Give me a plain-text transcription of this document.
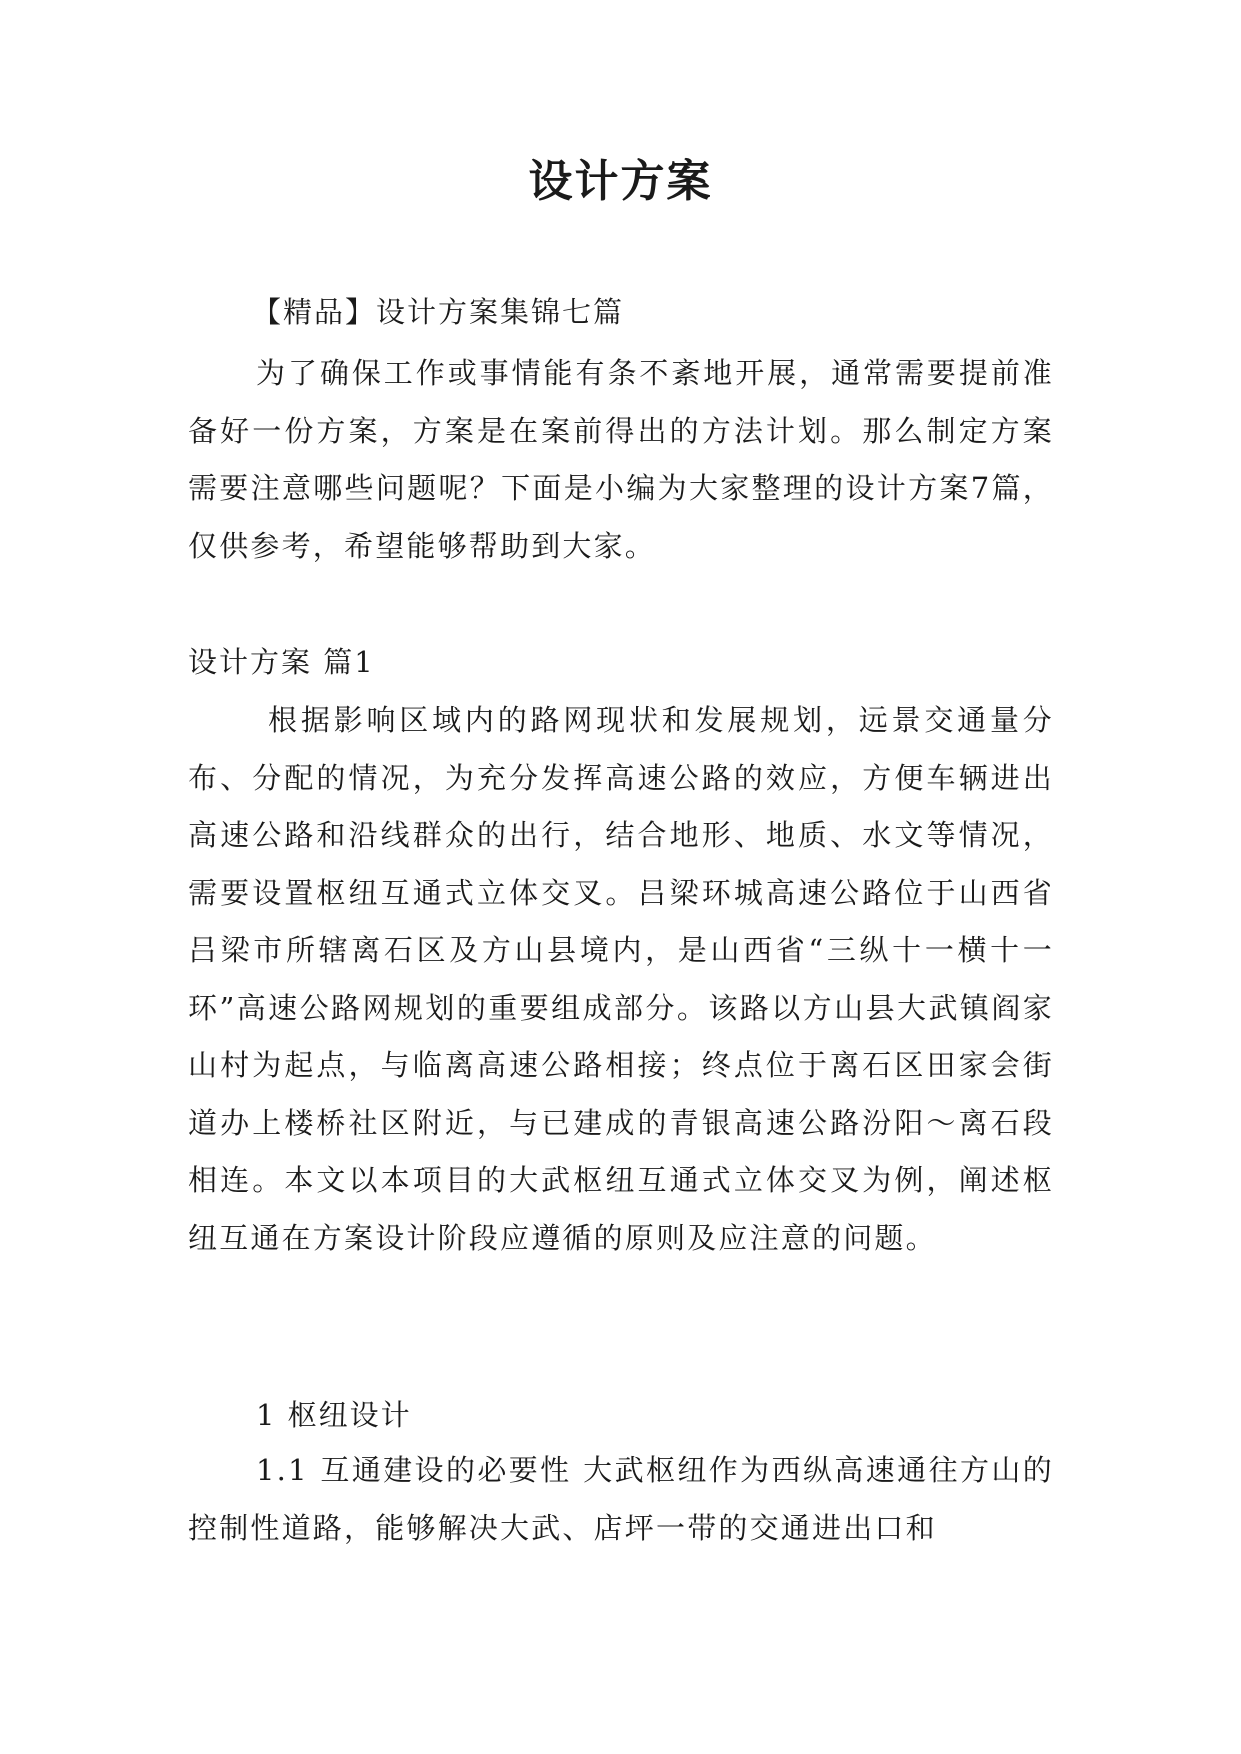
设计方案

【精品】设计方案集锦七篇

为了确保工作或事情能有条不紊地开展，通常需要提前准备好一份方案，方案是在案前得出的方法计划。那么制定方案需要注意哪些问题呢？下面是小编为大家整理的设计方案7篇，仅供参考，希望能够帮助到大家。

设计方案 篇1

根据影响区域内的路网现状和发展规划，远景交通量分布、分配的情况，为充分发挥高速公路的效应，方便车辆进出高速公路和沿线群众的出行，结合地形、地质、水文等情况，需要设置枢纽互通式立体交叉。吕梁环城高速公路位于山西省吕梁市所辖离石区及方山县境内，是山西省“三纵十一横十一环”高速公路网规划的重要组成部分。该路以方山县大武镇阎家山村为起点，与临离高速公路相接；终点位于离石区田家会街道办上楼桥社区附近，与已建成的青银高速公路汾阳～离石段相连。本文以本项目的大武枢纽互通式立体交叉为例，阐述枢纽互通在方案设计阶段应遵循的原则及应注意的问题。

1 枢纽设计

1.1 互通建设的必要性 大武枢纽作为西纵高速通往方山的控制性道路，能够解决大武、店坪一带的交通进出口和
